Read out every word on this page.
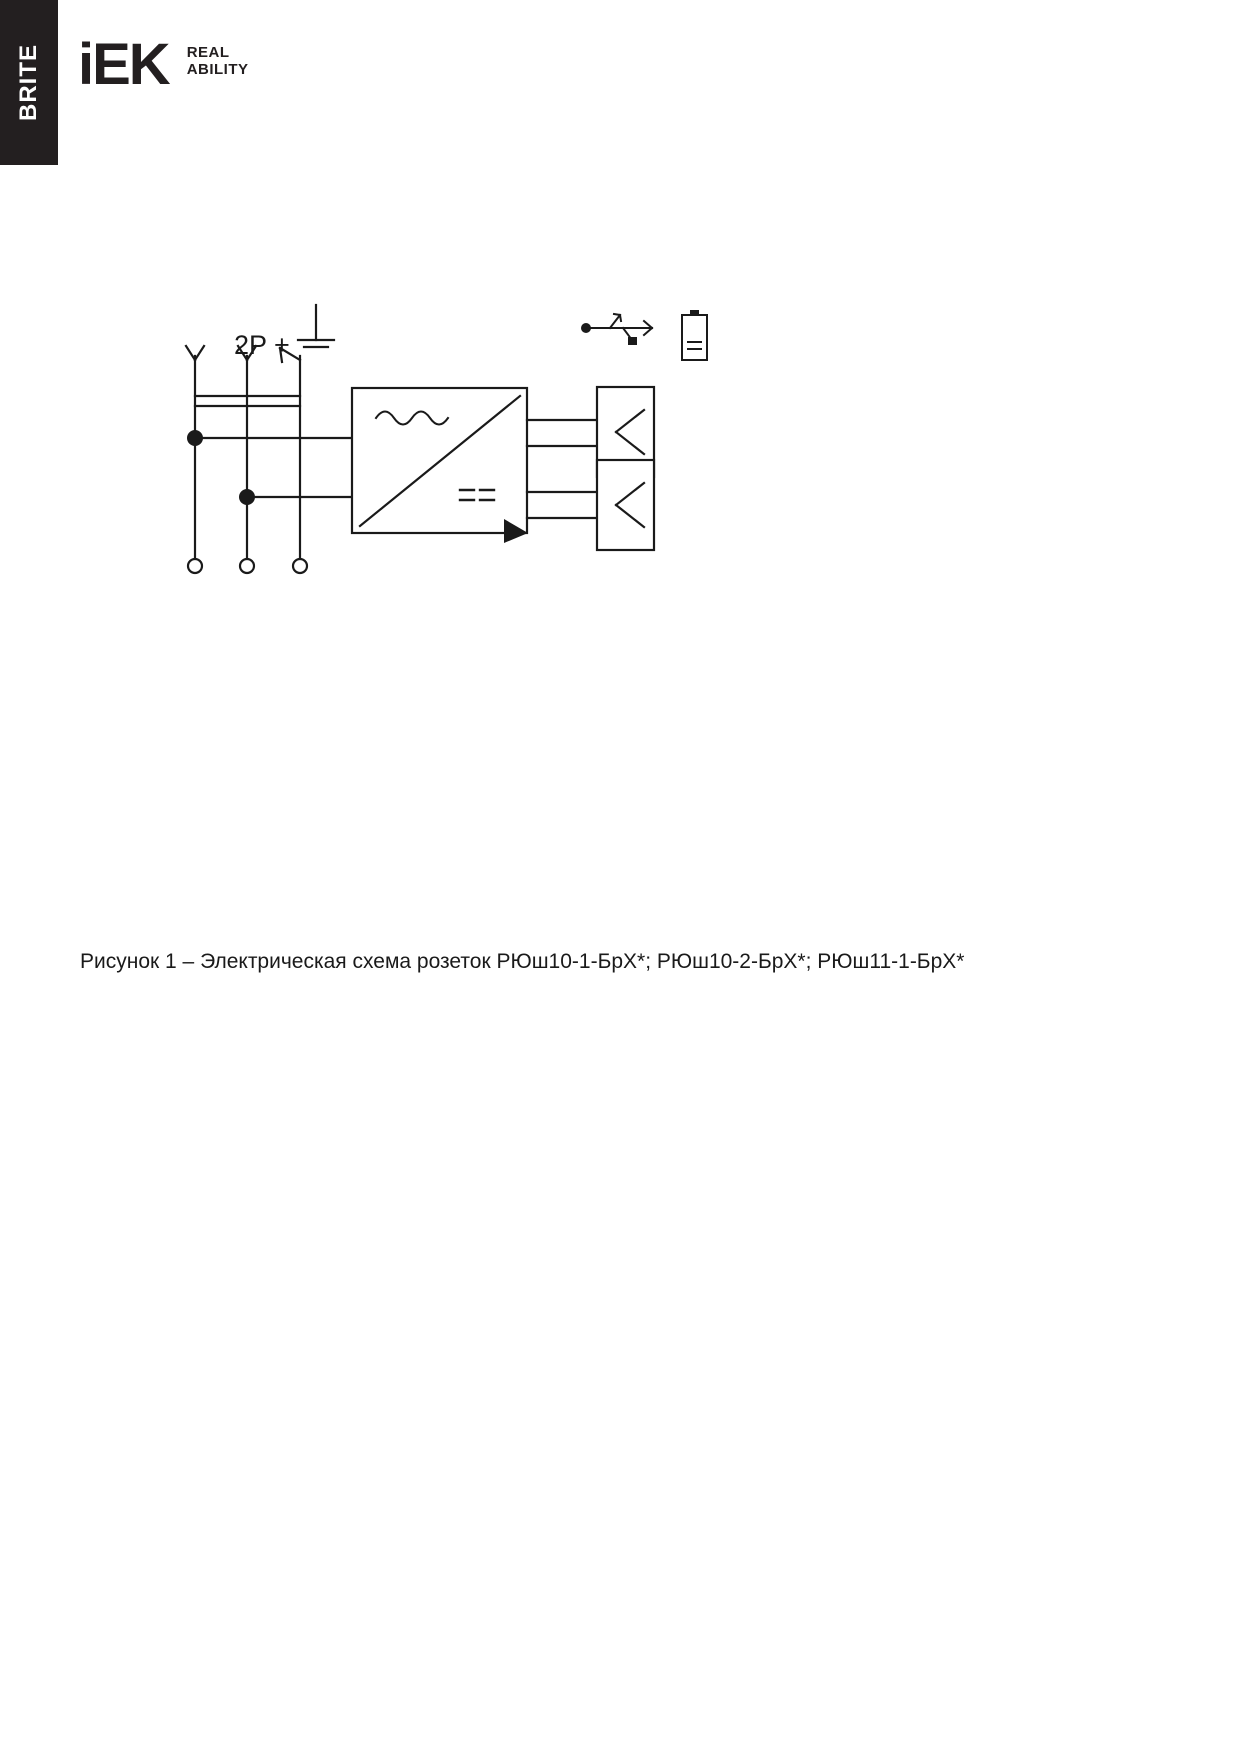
BRITE iEK REAL
ABILITY
2P +
Рисунок 1 – Электрическая схема розеток РЮш10-1-БрХ*; РЮш10-2-БрХ*; РЮш11-1-БрХ*
